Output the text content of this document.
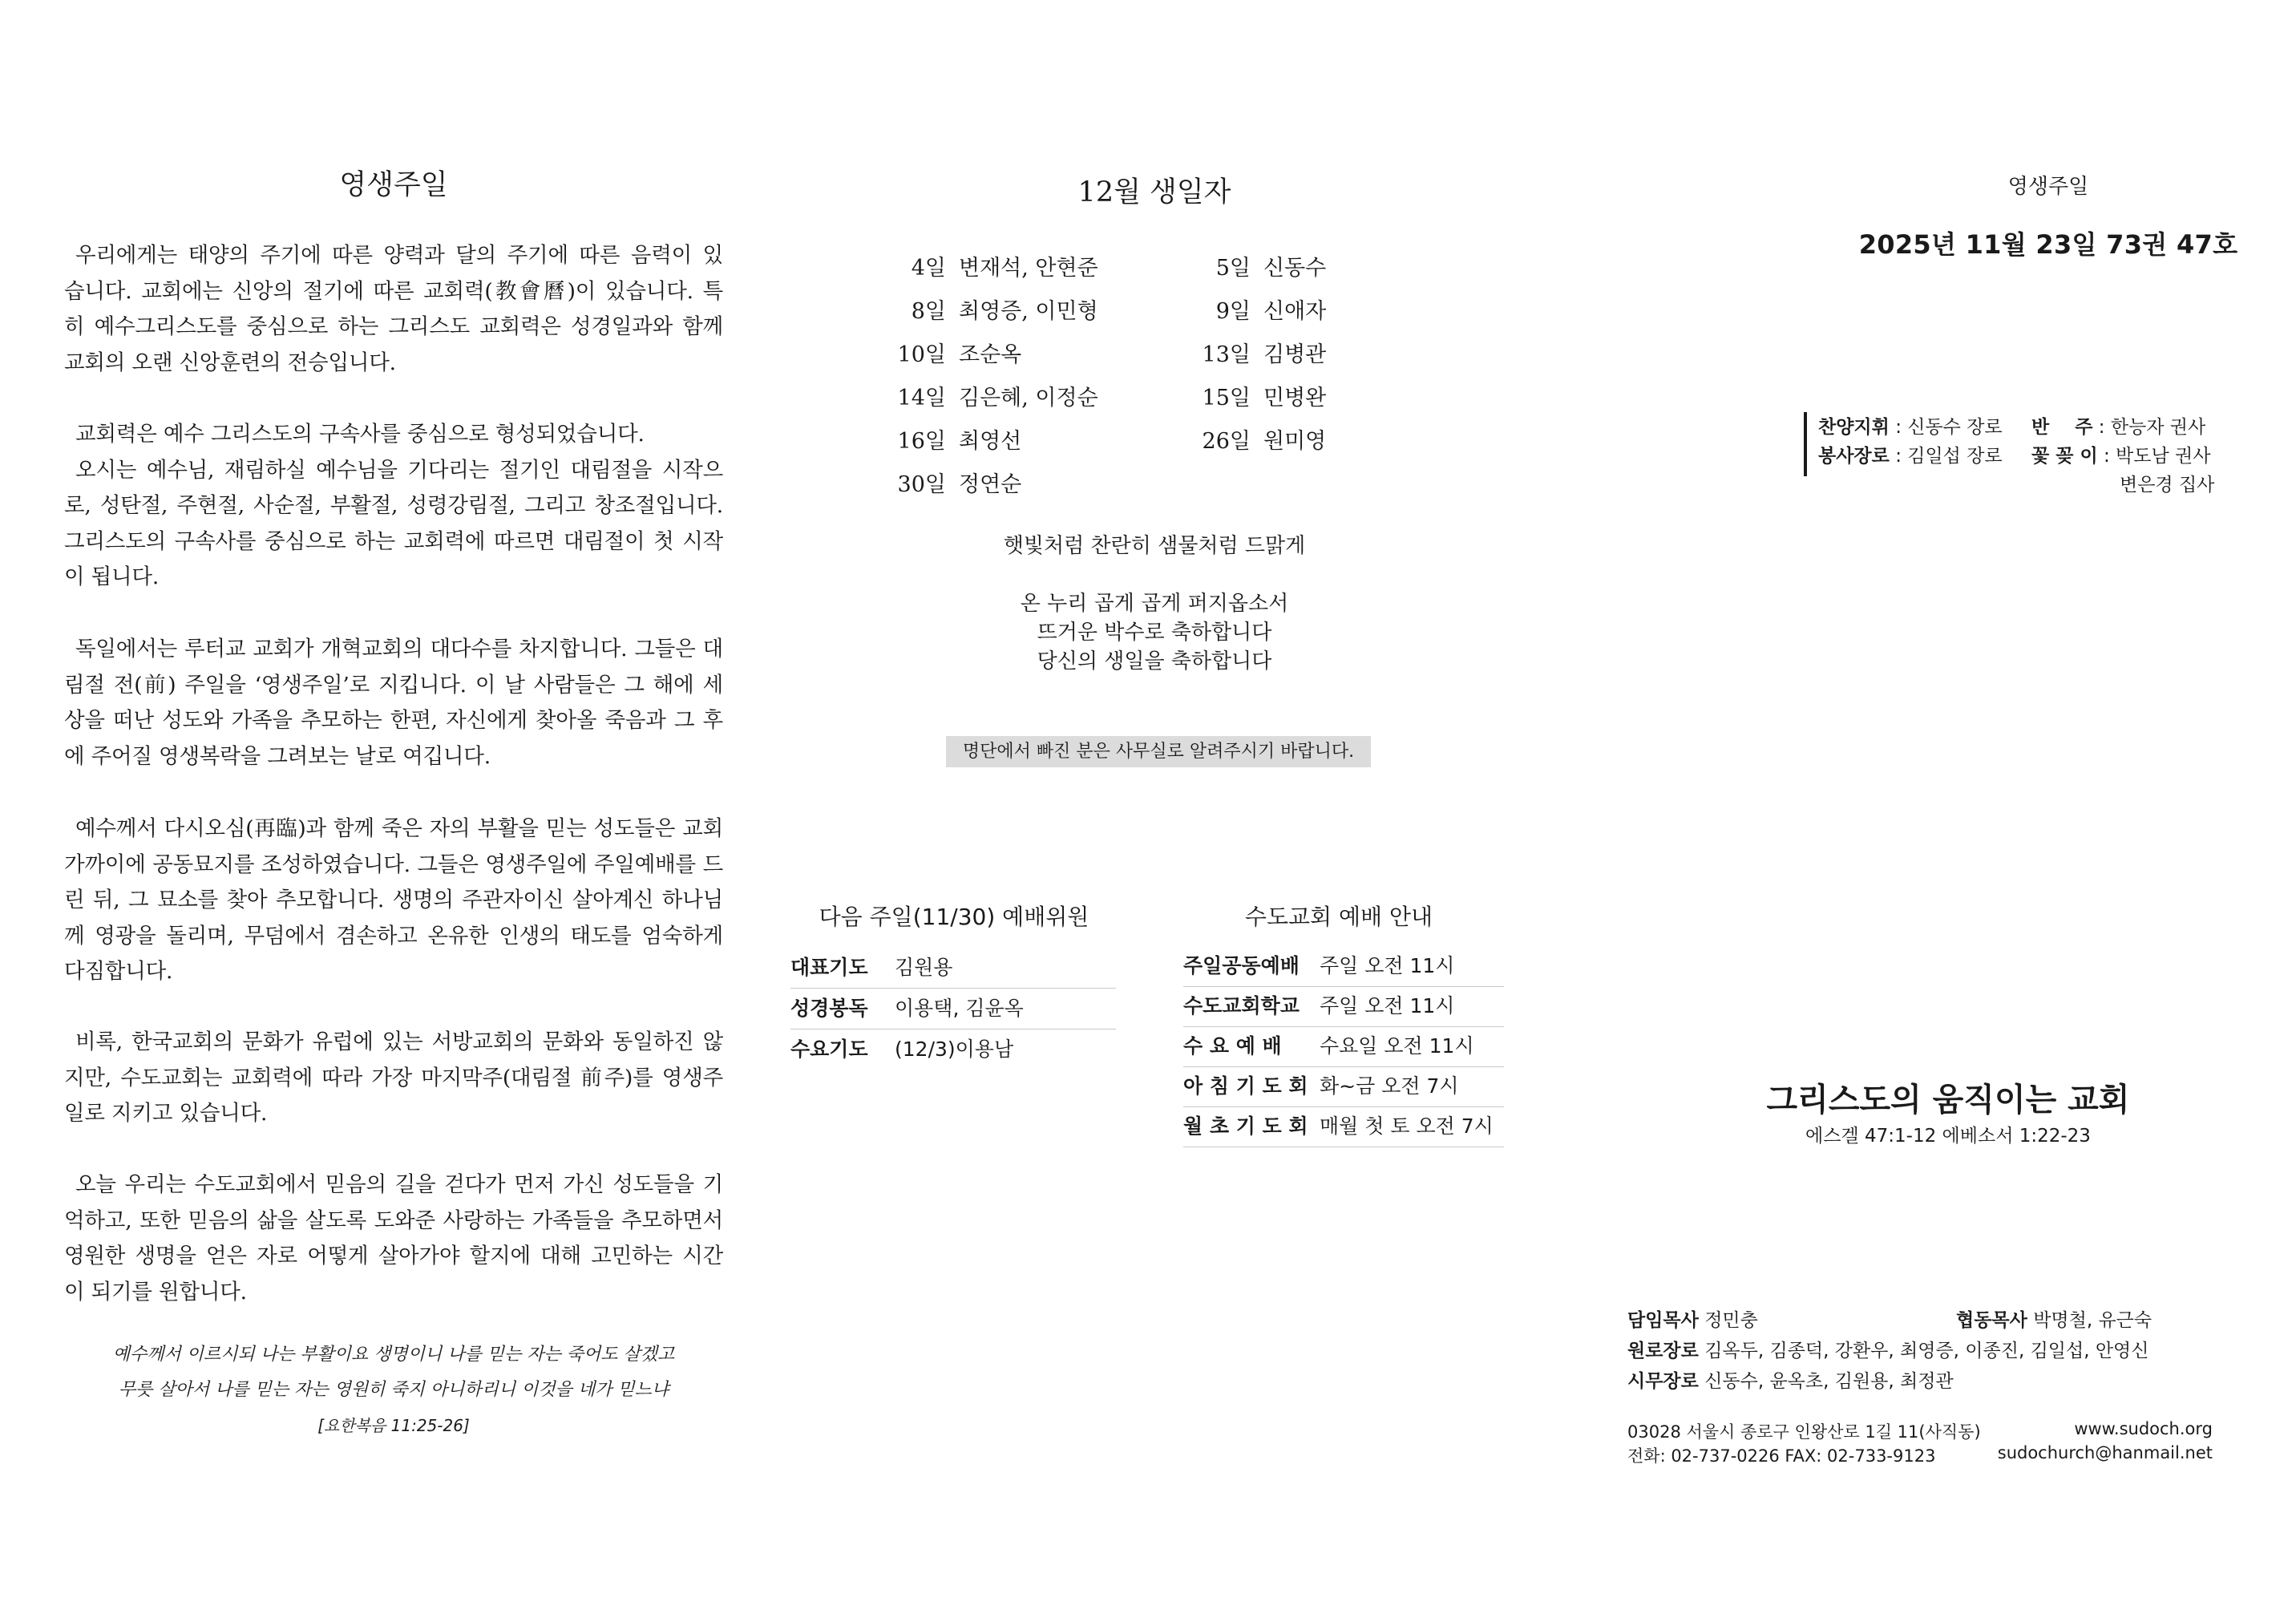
영생주일
우리에게는 태양의 주기에 따른 양력과 달의 주기에 따른 음력이 있
습니다. 교회에는 신앙의 절기에 따른 교회력(教會曆)이 있습니다. 특
히 예수그리스도를 중심으로 하는 그리스도 교회력은 성경일과와 함께
교회의 오랜 신앙훈련의 전승입니다.
교회력은 예수 그리스도의 구속사를 중심으로 형성되었습니다.
오시는 예수님, 재림하실 예수님을 기다리는 절기인 대림절을 시작으
로, 성탄절, 주현절, 사순절, 부활절, 성령강림절, 그리고 창조절입니다.
그리스도의 구속사를 중심으로 하는 교회력에 따르면 대림절이 첫 시작
이 됩니다.
독일에서는 루터교 교회가 개혁교회의 대다수를 차지합니다. 그들은 대
림절 전(前) 주일을 ‘영생주일’로 지킵니다. 이 날 사람들은 그 해에 세
상을 떠난 성도와 가족을 추모하는 한편, 자신에게 찾아올 죽음과 그 후
에 주어질 영생복락을 그려보는 날로 여깁니다.
예수께서 다시오심(再臨)과 함께 죽은 자의 부활을 믿는 성도들은 교회
가까이에 공동묘지를 조성하였습니다. 그들은 영생주일에 주일예배를 드
린 뒤, 그 묘소를 찾아 추모합니다. 생명의 주관자이신 살아계신 하나님
께 영광을 돌리며, 무덤에서 겸손하고 온유한 인생의 태도를 엄숙하게
다짐합니다.
비록, 한국교회의 문화가 유럽에 있는 서방교회의 문화와 동일하진 않
지만, 수도교회는 교회력에 따라 가장 마지막주(대림절 前주)를 영생주
일로 지키고 있습니다.
오늘 우리는 수도교회에서 믿음의 길을 걷다가 먼저 가신 성도들을 기
억하고, 또한 믿음의 삶을 살도록 도와준 사랑하는 가족들을 추모하면서
영원한 생명을 얻은 자로 어떻게 살아가야 할지에 대해 고민하는 시간
이 되기를 원합니다.
예수께서 이르시되 나는 부활이요 생명이니 나를 믿는 자는 죽어도 살겠고
무릇 살아서 나를 믿는 자는 영원히 죽지 아니하리니 이것을 네가 믿느냐
[요한복음 11:25-26]
12월 생일자
4일 변재석, 안현준
8일 최영증, 이민형
10일 조순옥
14일 김은혜, 이정순
16일 최영선
30일 정연순
5일 신동수
9일 신애자
13일 김병관
15일 민병완
26일 원미영
햇빛처럼 찬란히 샘물처럼 드맑게
온 누리 곱게 곱게 퍼지옵소서
뜨거운 박수로 축하합니다
당신의 생일을 축하합니다
명단에서 빠진 분은 사무실로 알려주시기 바랍니다.
다음 주일(11/30) 예배위원
대표기도 김원용
성경봉독 이용택, 김윤옥
수요기도 (12/3)이용남
수도교회 예배 안내
주일공동예배 주일 오전 11시
수도교회학교 주일 오전 11시
수 요 예 배 수요일 오전 11시
아 침 기 도 회 화~금 오전 7시
월 초 기 도 회 매월 첫 토 오전 7시
영생주일
2025년 11월 23일 73권 47호
찬양지휘 : 신동수 장로
봉사장로 : 김일섭 장로
반    주 : 한능자 권사
꽃 꽂 이 : 박도남 권사
변은경 집사
그리스도의 움직이는 교회
에스겔 47:1-12 에베소서 1:22-23
담임목사 정민충	협동목사 박명철, 유근숙
원로장로 김옥두, 김종덕, 강환우, 최영증, 이종진, 김일섭, 안영신
시무장로 신동수, 윤옥초, 김원용, 최정관
03028 서울시 종로구 인왕산로 1길 11(사직동)
전화: 02-737-0226 FAX: 02-733-9123
www.sudoch.org
sudochurch@hanmail.net
